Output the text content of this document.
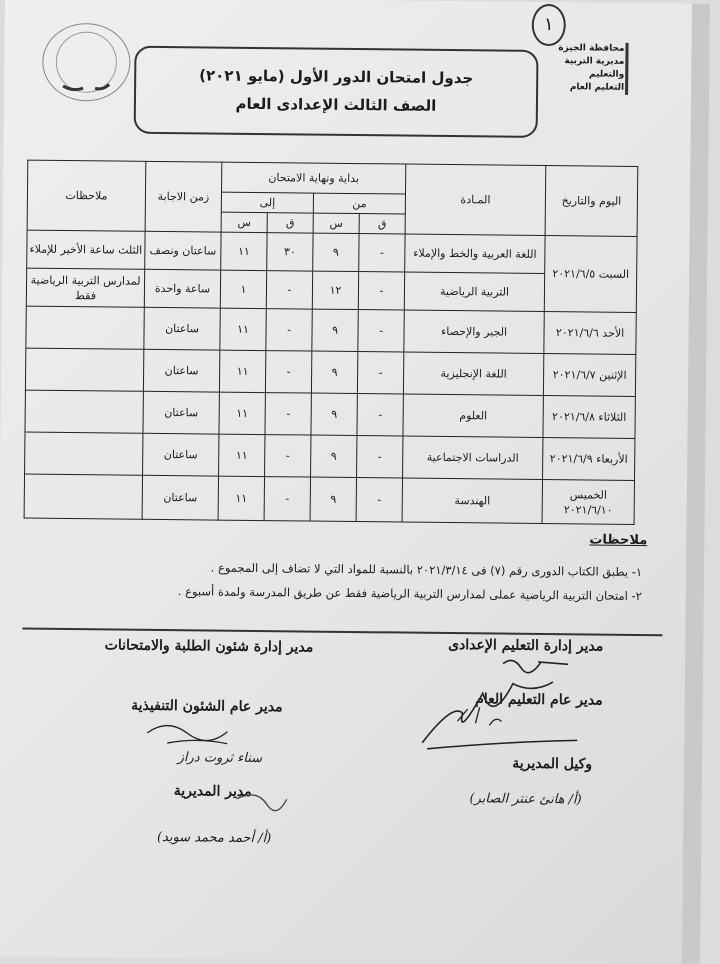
١
محافظة الجيزة
مديرية التربية والتعليم
التعليم العام
جدول امتحان الدور الأول (مايو ٢٠٢١)
الصف الثالث الإعدادى العام
اليوم والتاريخ	المـادة	بداية ونهاية الامتحان				زمن الاجابة	ملاحظات
		من		إلى			
		ق	س	ق	س		
السبت ٢٠٢١/٦/٥	اللغة العربية والخط والإملاء	-	٩	٣٠	١١	ساعتان ونصف	الثلث ساعة الأخير للإملاء
	التربية الرياضية	-	١٢	-	١	ساعة واحدة	لمدارس التربية الرياضية فقط
الأحد ٢٠٢١/٦/٦	الجبر والإحصاء	-	٩	-	١١	ساعتان	
الإثنين ٢٠٢١/٦/٧	اللغة الإنجليزية	-	٩	-	١١	ساعتان	
الثلاثاء ٢٠٢١/٦/٨	العلوم	-	٩	-	١١	ساعتان	
الأربعاء ٢٠٢١/٦/٩	الدراسات الاجتماعية	-	٩	-	١١	ساعتان	
الخميس ٢٠٢١/٦/١٠	الهندسة	-	٩	-	١١	ساعتان	
ملاحظات
١- يطبق الكتاب الدورى رقم (٧) فى ٢٠٢١/٣/١٤ بالنسبة للمواد التي لا تضاف إلى المجموع .
٢- امتحان التربية الرياضية عملى لمدارس التربية الرياضية فقط عن طريق المدرسة ولمدة أسبوع .
مدير إدارة التعليم الإعدادى
مدير عام التعليم العام
وكيل المديرية
(أ/ هانئ عنتر الصابر)
مدير إدارة شئون الطلبة والامتحانات
مدير عام الشئون التنفيذية
سناء ثروت دراز
مدير المديرية
(أ/ أحمد محمد سويد)
